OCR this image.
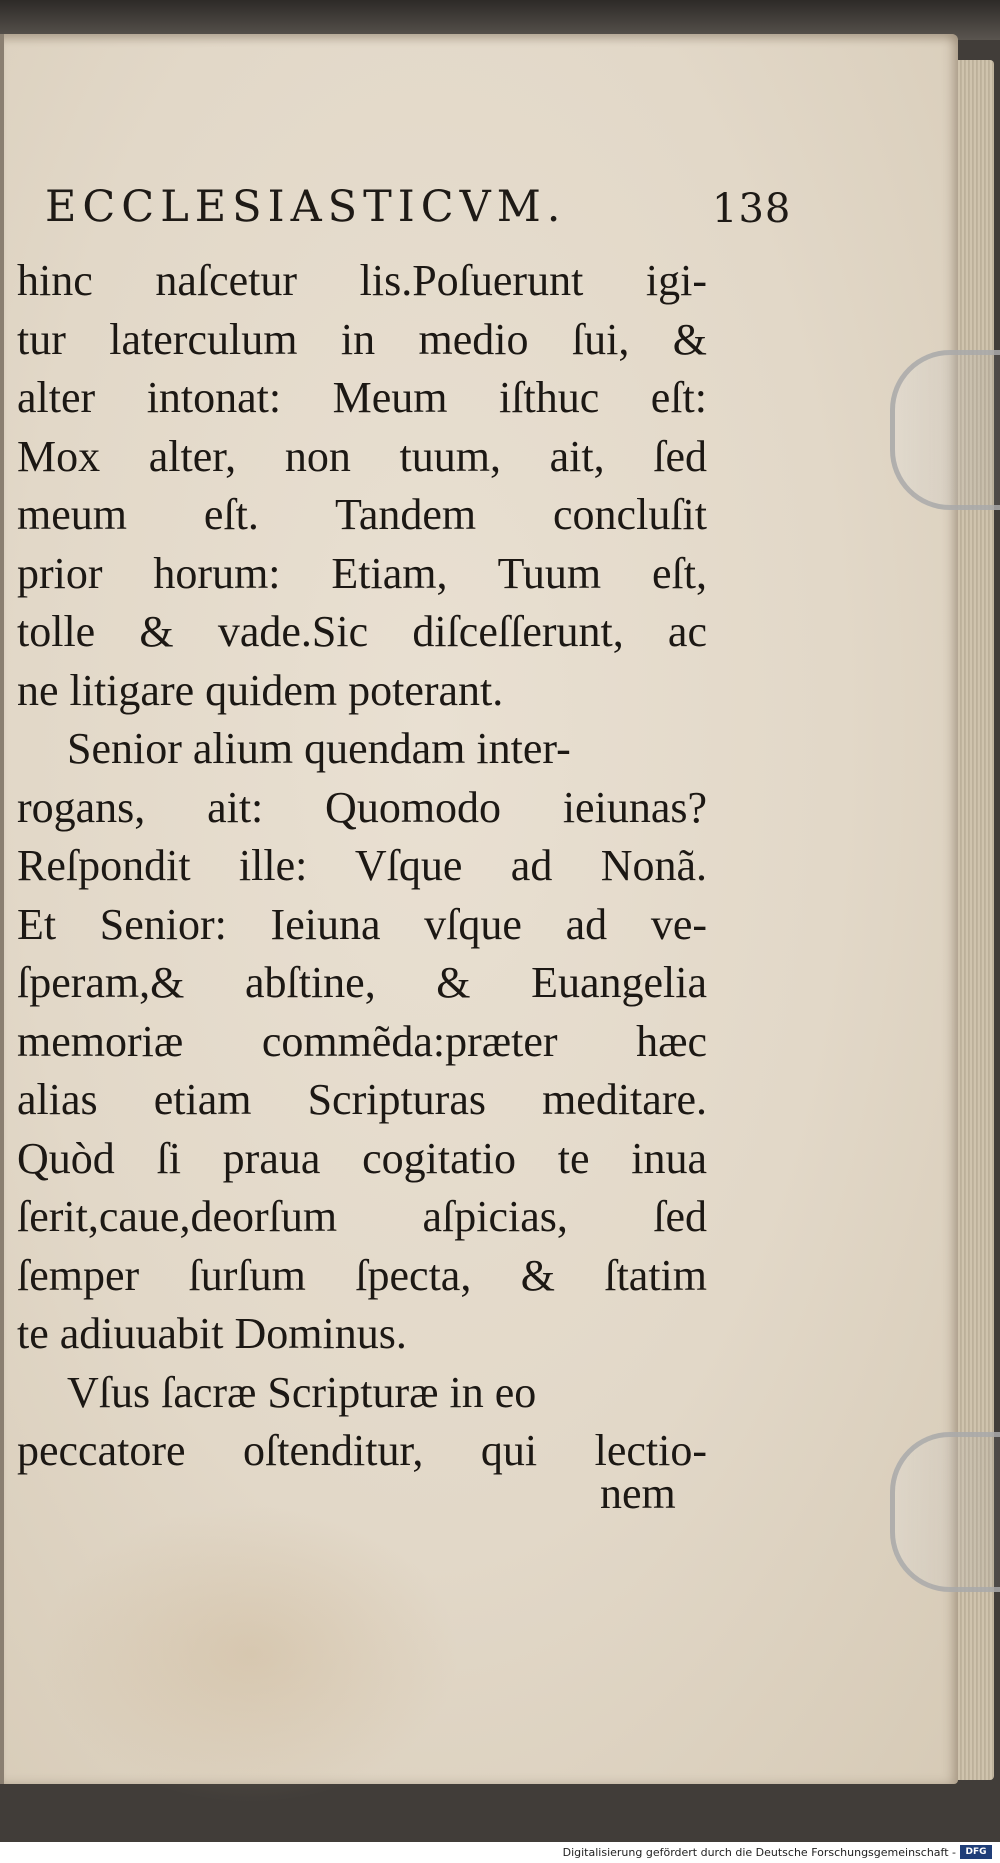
ECCLESIASTICVM.	138
hinc naſcetur lis.Poſuerunt igi-
tur laterculum in medio ſui, &
alter intonat: Meum iſthuc eſt:
Mox alter, non tuum, ait, ſed
meum eſt. Tandem concluſit
prior horum: Etiam, Tuum eſt,
tolle & vade.Sic diſceſſerunt, ac
ne litigare quidem poterant.
Senior alium quendam inter-
rogans, ait: Quomodo ieiunas?
Reſpondit ille: Vſque ad Nonã.
Et Senior: Ieiuna vſque ad ve-
ſperam,& abſtine, & Euangelia
memoriæ commẽda:præter hæc
alias etiam Scripturas meditare.
Quòd ſi praua cogitatio te inua
ſerit,caue,deorſum aſpicias, ſed
ſemper ſurſum ſpecta, & ſtatim
te adiuuabit Dominus.
Vſus ſacræ Scripturæ in eo
peccatore oſtenditur, qui lectio-
nem
Digitalisierung gefördert durch die Deutsche Forschungsgemeinschaft -	DFG
